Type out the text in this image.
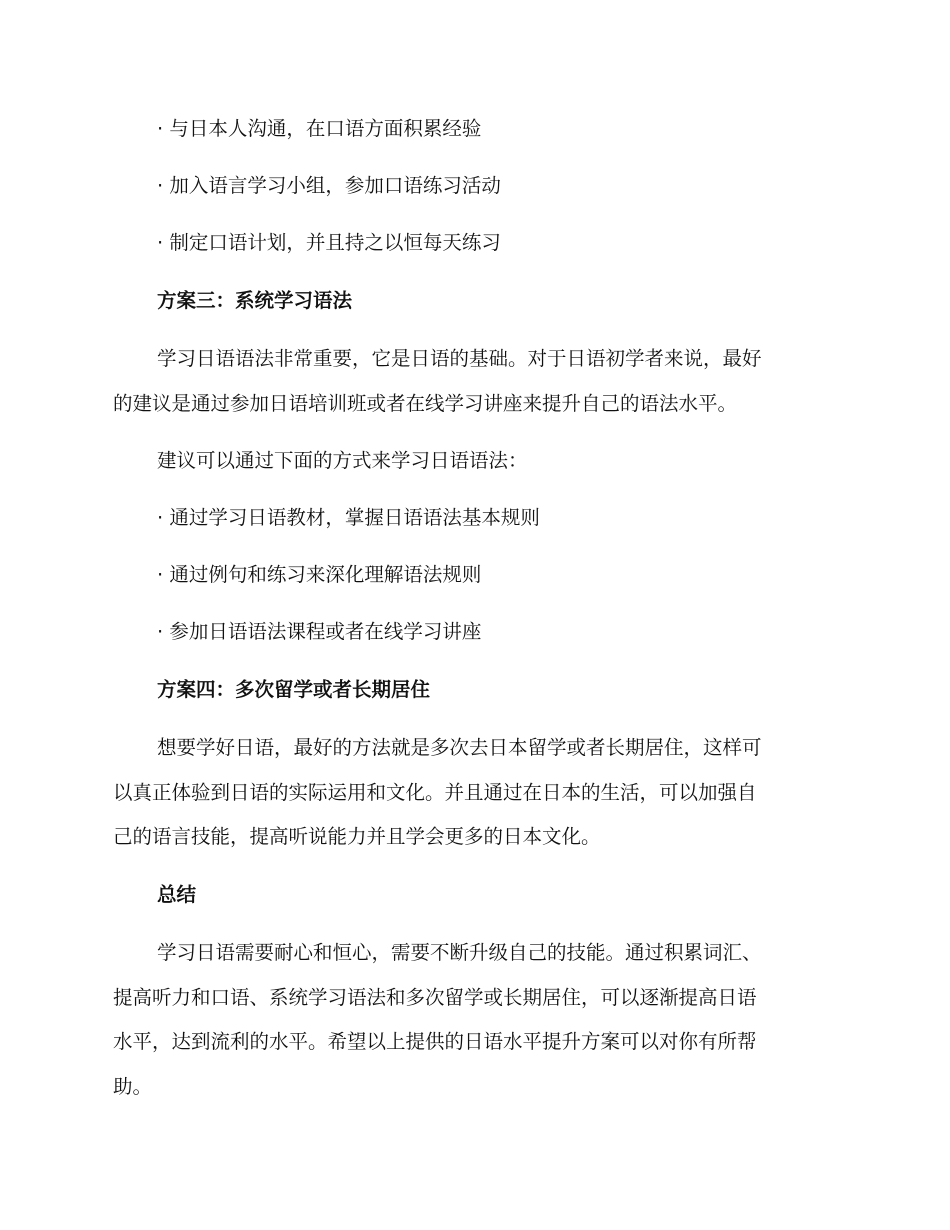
· 与日本人沟通，在口语方面积累经验

· 加入语言学习小组，参加口语练习活动

· 制定口语计划，并且持之以恒每天练习

方案三：系统学习语法

学习日语语法非常重要，它是日语的基础。对于日语初学者来说，最好

的建议是通过参加日语培训班或者在线学习讲座来提升自己的语法水平。

建议可以通过下面的方式来学习日语语法：

· 通过学习日语教材，掌握日语语法基本规则

· 通过例句和练习来深化理解语法规则

· 参加日语语法课程或者在线学习讲座

方案四：多次留学或者长期居住

想要学好日语，最好的方法就是多次去日本留学或者长期居住，这样可

以真正体验到日语的实际运用和文化。并且通过在日本的生活，可以加强自

己的语言技能，提高听说能力并且学会更多的日本文化。

总结

学习日语需要耐心和恒心，需要不断升级自己的技能。通过积累词汇、

提高听力和口语、系统学习语法和多次留学或长期居住，可以逐渐提高日语

水平，达到流利的水平。希望以上提供的日语水平提升方案可以对你有所帮

助。
